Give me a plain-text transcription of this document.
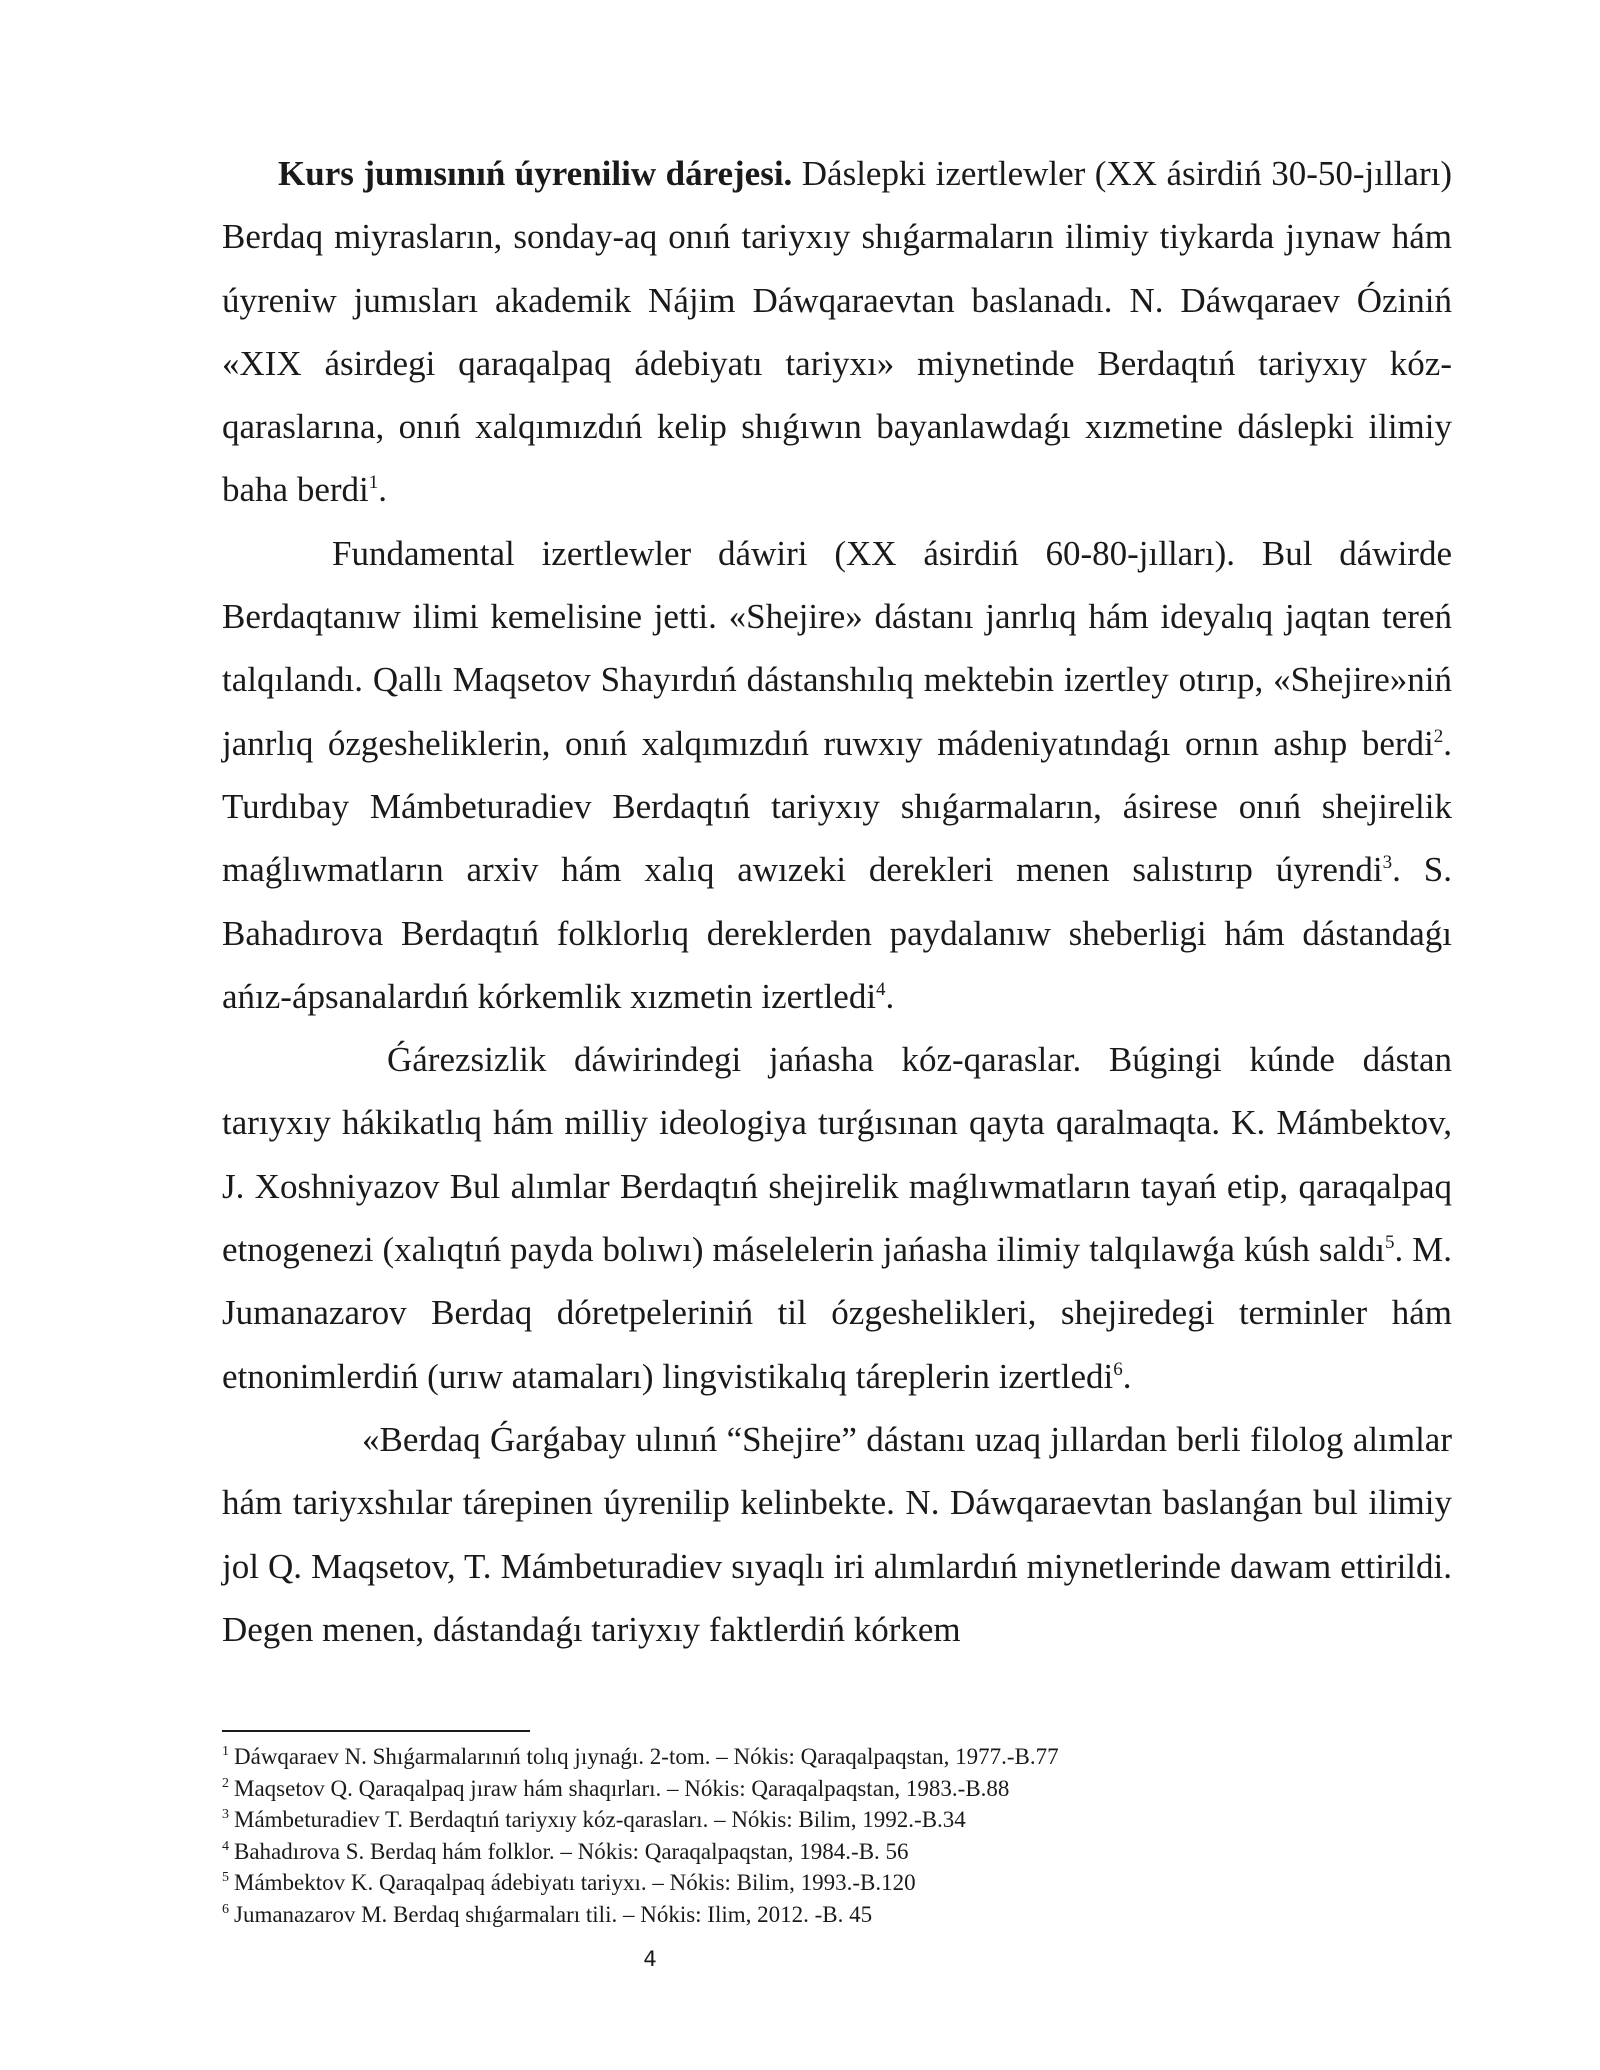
Kurs jumısınıń úyreniliw dárejesi. Dáslepki izertlewler (XX ásirdiń 30-50-jılları) Berdaq miyrasların, sonday-aq onıń tariyxıy shıǵarmaların ilimiy tiykarda jıynaw hám úyreniw jumısları akademik Nájim Dáwqaraevtan baslanadı. N. Dáwqaraev Óziniń «XIX ásirdegi qaraqalpaq ádebiyatı tariyxı» miynetinde Berdaqtıń tariyxıy kóz-qaraslarına, onıń xalqımızdıń kelip shıǵıwın bayanlawdaǵı xızmetine dáslepki ilimiy baha berdi$^1$.

Fundamental izertlewler dáwiri (XX ásirdiń 60-80-jılları). Bul dáwirde Berdaqtanıw ilimi kemelisine jetti. «Shejire» dástanı janrlıq hám ideyalıq jaqtan tereń talqılandı. Qallı Maqsetov Shayırdıń dástanshılıq mektebin izertley otırıp, «Shejire»niń janrlıq ózgesheliklerin, onıń xalqımızdıń ruwxıy mádeniyatındaǵı ornın ashıp berdi$^2$. Turdıbay Mámbeturadiev Berdaqtıń tariyxıy shıǵarmaların, ásirese onıń shejirelik maǵlıwmatların arxiv hám xalıq awızeki derekleri menen salıstırıp úyrendi$^3$. S. Bahadırova Berdaqtıń folklorlıq dereklerden paydalanıw sheberligi hám dástandaǵı ańız-ápsanalardıń kórkemlik xızmetin izertledi$^4$.

Ǵárezsizlik dáwirindegi jańasha kóz-qaraslar. Búgingi kúnde dástan tarıyxıy hákikatlıq hám milliy ideologiya turǵısınan qayta qaralmaqta. K. Mámbektov, J. Xoshniyazov Bul alımlar Berdaqtıń shejirelik maǵlıwmatların tayań etip, qaraqalpaq etnogenezi (xalıqtıń payda bolıwı) máselelerin jańasha ilimiy talqılawǵa kúsh saldı$^5$. M. Jumanazarov Berdaq dóretpeleriniń til ózgeshelikleri, shejiredegi terminler hám etnonimlerdiń (urıw atamaları) lingvistikalıq táreplerin izertledi$^6$.

«Berdaq Ǵarǵabay ulınıń “Shejire” dástanı uzaq jıllardan berli filolog alımlar hám tariyxshılar tárepinen úyrenilip kelinbekte. N. Dáwqaraevtan baslanǵan bul ilimiy jol Q. Maqsetov, T. Mámbeturadiev sıyaqlı iri alımlardıń miynetlerinde dawam ettirildi. Degen menen, dástandaǵı tariyxıy faktlerdiń kórkem

$^1$ Dáwqaraev N. Shıǵarmalarınıń tolıq jıynaǵı. 2-tom. – Nókis: Qaraqalpaqstan, 1977.-B.77
$^2$ Maqsetov Q. Qaraqalpaq jıraw hám shaqırları. – Nókis: Qaraqalpaqstan, 1983.-B.88
$^3$ Mámbeturadiev T. Berdaqtıń tariyxıy kóz-qarasları. – Nókis: Bilim, 1992.-B.34
$^4$ Bahadırova S. Berdaq hám folklor. – Nókis: Qaraqalpaqstan, 1984.-B. 56
$^5$ Mámbektov K. Qaraqalpaq ádebiyatı tariyxı. – Nókis: Bilim, 1993.-B.120
$^6$ Jumanazarov M. Berdaq shıǵarmaları tili. – Nókis: Ilim, 2012. -B. 45
4
